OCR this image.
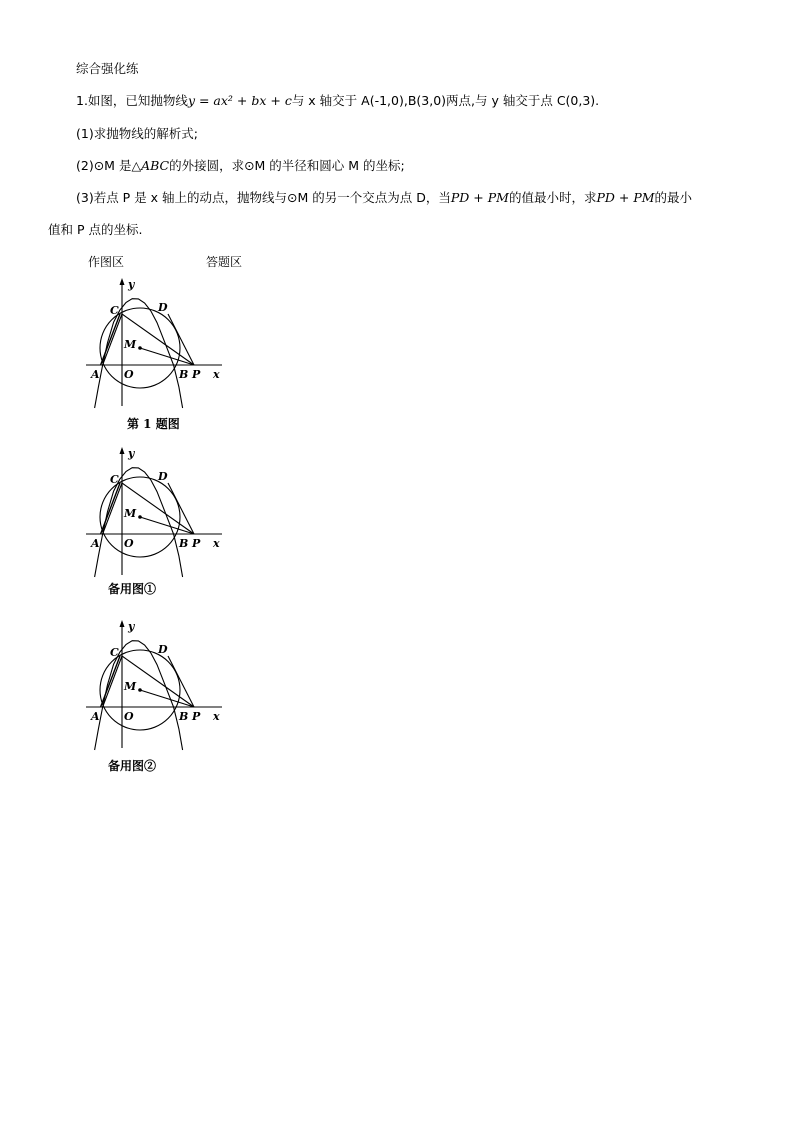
综合强化练
1.如图，已知抛物线y = ax² + bx + c与 x 轴交于 A(-1,0),B(3,0)两点,与 y 轴交于点 C(0,3).
(1)求抛物线的解析式;
(2)⊙M 是△ABC的外接圆，求⊙M 的半径和圆心 M 的坐标;
(3)若点 P 是 x 轴上的动点，抛物线与⊙M 的另一个交点为点 D，当PD + PM的值最小时，求PD + PM的最小
值和 P 点的坐标.
作图区	答题区
y
C	D
M
A O	B P x
第 1 题图
y
C	D
M
A O	B P x
备用图①
y
C	D
M
A O	B P x
备用图②
